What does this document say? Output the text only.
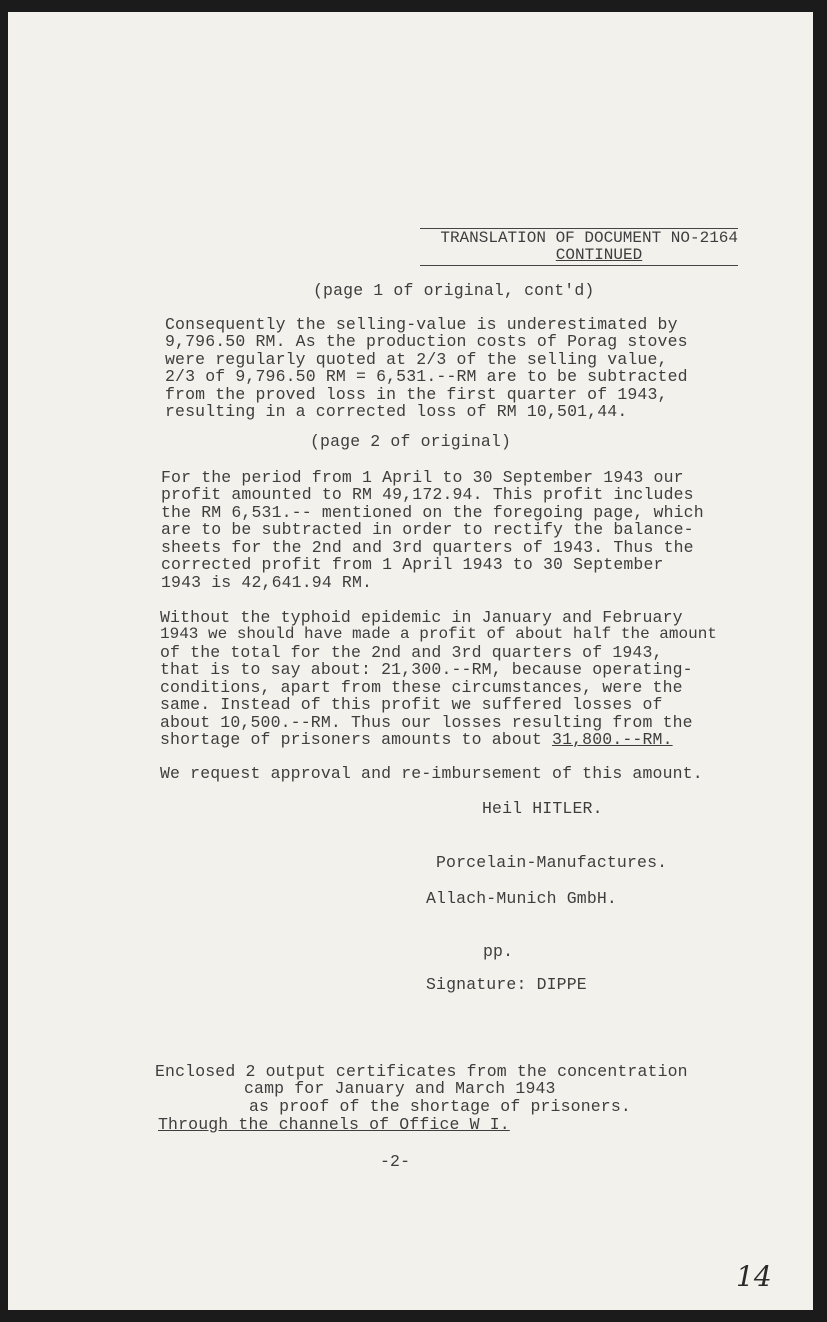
TRANSLATION OF DOCUMENT NO-2164
CONTINUED
(page 1 of original, cont'd)
Consequently the selling-value is underestimated by
9,796.50 RM. As the production costs of Porag stoves
were regularly quoted at 2/3 of the selling value,
2/3 of 9,796.50 RM = 6,531.--RM are to be subtracted
from the proved loss in the first quarter of 1943,
resulting in a corrected loss of RM 10,501,44.
(page 2 of original)
For the period from 1 April to 30 September 1943 our
profit amounted to RM 49,172.94. This profit includes
the RM 6,531.-- mentioned on the foregoing page, which
are to be subtracted in order to rectify the balance-
sheets for the 2nd and 3rd quarters of 1943. Thus the
corrected profit from 1 April 1943 to 30 September
1943 is 42,641.94 RM.
Without the typhoid epidemic in January and February
1943 we should have made a profit of about half the amount
of the total for the 2nd and 3rd quarters of 1943,
that is to say about: 21,300.--RM, because operating-
conditions, apart from these circumstances, were the
same. Instead of this profit we suffered losses of
about 10,500.--RM. Thus our losses resulting from the
shortage of prisoners amounts to about 31,800.--RM.
We request approval and re-imbursement of this amount.
Heil HITLER.
Porcelain-Manufactures.
Allach-Munich GmbH.
pp.
Signature: DIPPE
Enclosed 2 output certificates from the concentration
camp for January and March 1943
as proof of the shortage of prisoners.
Through the channels of Office W I.
-2-
14
